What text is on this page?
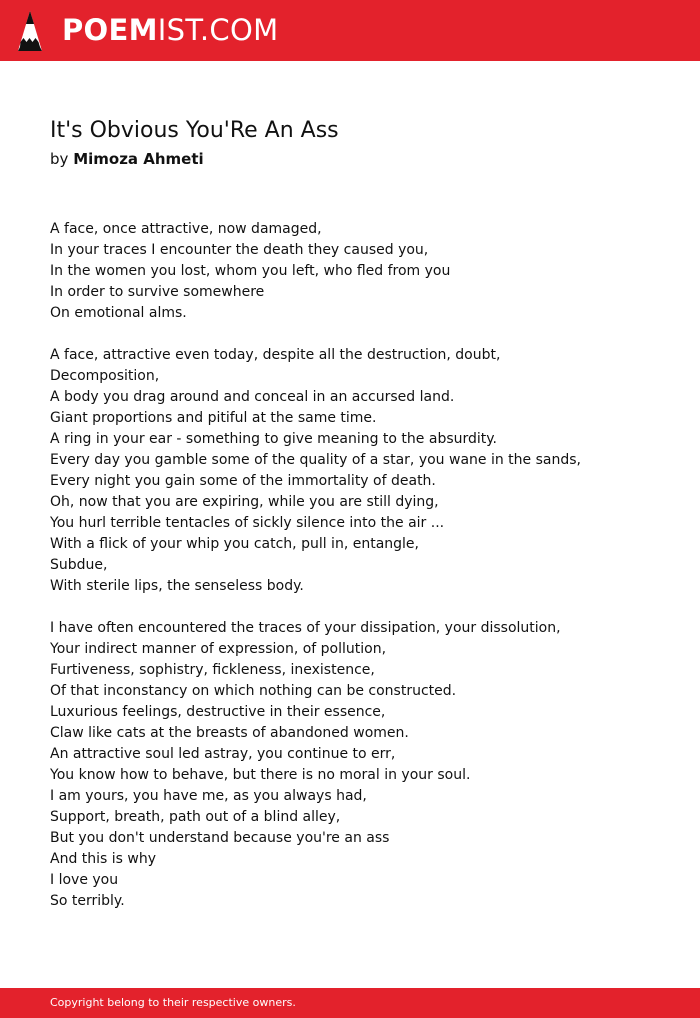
POEMIST.COM
It's Obvious You'Re An Ass
by Mimoza Ahmeti
A face, once attractive, now damaged,
In your traces I encounter the death they caused you,
In the women you lost, whom you left, who fled from you
In order to survive somewhere
On emotional alms.
A face, attractive even today, despite all the destruction, doubt,
Decomposition,
A body you drag around and conceal in an accursed land.
Giant proportions and pitiful at the same time.
A ring in your ear - something to give meaning to the absurdity.
Every day you gamble some of the quality of a star, you wane in the sands,
Every night you gain some of the immortality of death.
Oh, now that you are expiring, while you are still dying,
You hurl terrible tentacles of sickly silence into the air ...
With a flick of your whip you catch, pull in, entangle,
Subdue,
With sterile lips, the senseless body.
I have often encountered the traces of your dissipation, your dissolution,
Your indirect manner of expression, of pollution,
Furtiveness, sophistry, fickleness, inexistence,
Of that inconstancy on which nothing can be constructed.
Luxurious feelings, destructive in their essence,
Claw like cats at the breasts of abandoned women.
An attractive soul led astray, you continue to err,
You know how to behave, but there is no moral in your soul.
I am yours, you have me, as you always had,
Support, breath, path out of a blind alley,
But you don't understand because you're an ass
And this is why
I love you
So terribly.
Copyright belong to their respective owners.
